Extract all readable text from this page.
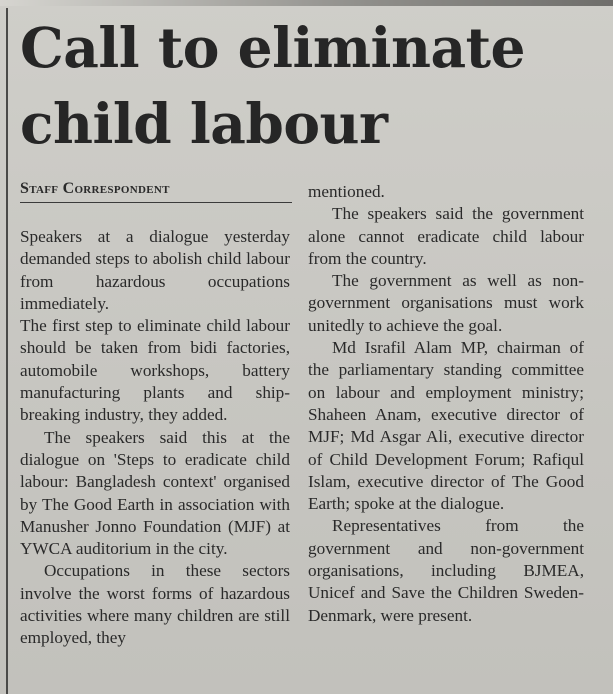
Call to eliminate child labour
Staff Correspondent

Speakers at a dialogue yesterday demanded steps to abolish child labour from hazardous occupations immediately.

The first step to eliminate child labour should be taken from bidi factories, automobile workshops, battery manufacturing plants and ship-breaking industry, they added.

The speakers said this at the dialogue on 'Steps to eradicate child labour: Bangladesh context' organised by The Good Earth in association with Manusher Jonno Foundation (MJF) at YWCA auditorium in the city.

Occupations in these sectors involve the worst forms of hazardous activities where many children are still employed, they

mentioned.

The speakers said the government alone cannot eradicate child labour from the country.

The government as well as non-government organisations must work unitedly to achieve the goal.

Md Israfil Alam MP, chairman of the parliamentary standing committee on labour and employment ministry; Shaheen Anam, executive director of MJF; Md Asgar Ali, executive director of Child Development Forum; Rafiqul Islam, executive director of The Good Earth; spoke at the dialogue.

Representatives from the government and non-government organisations, including BJMEA, Unicef and Save the Children Sweden-Denmark, were present.
